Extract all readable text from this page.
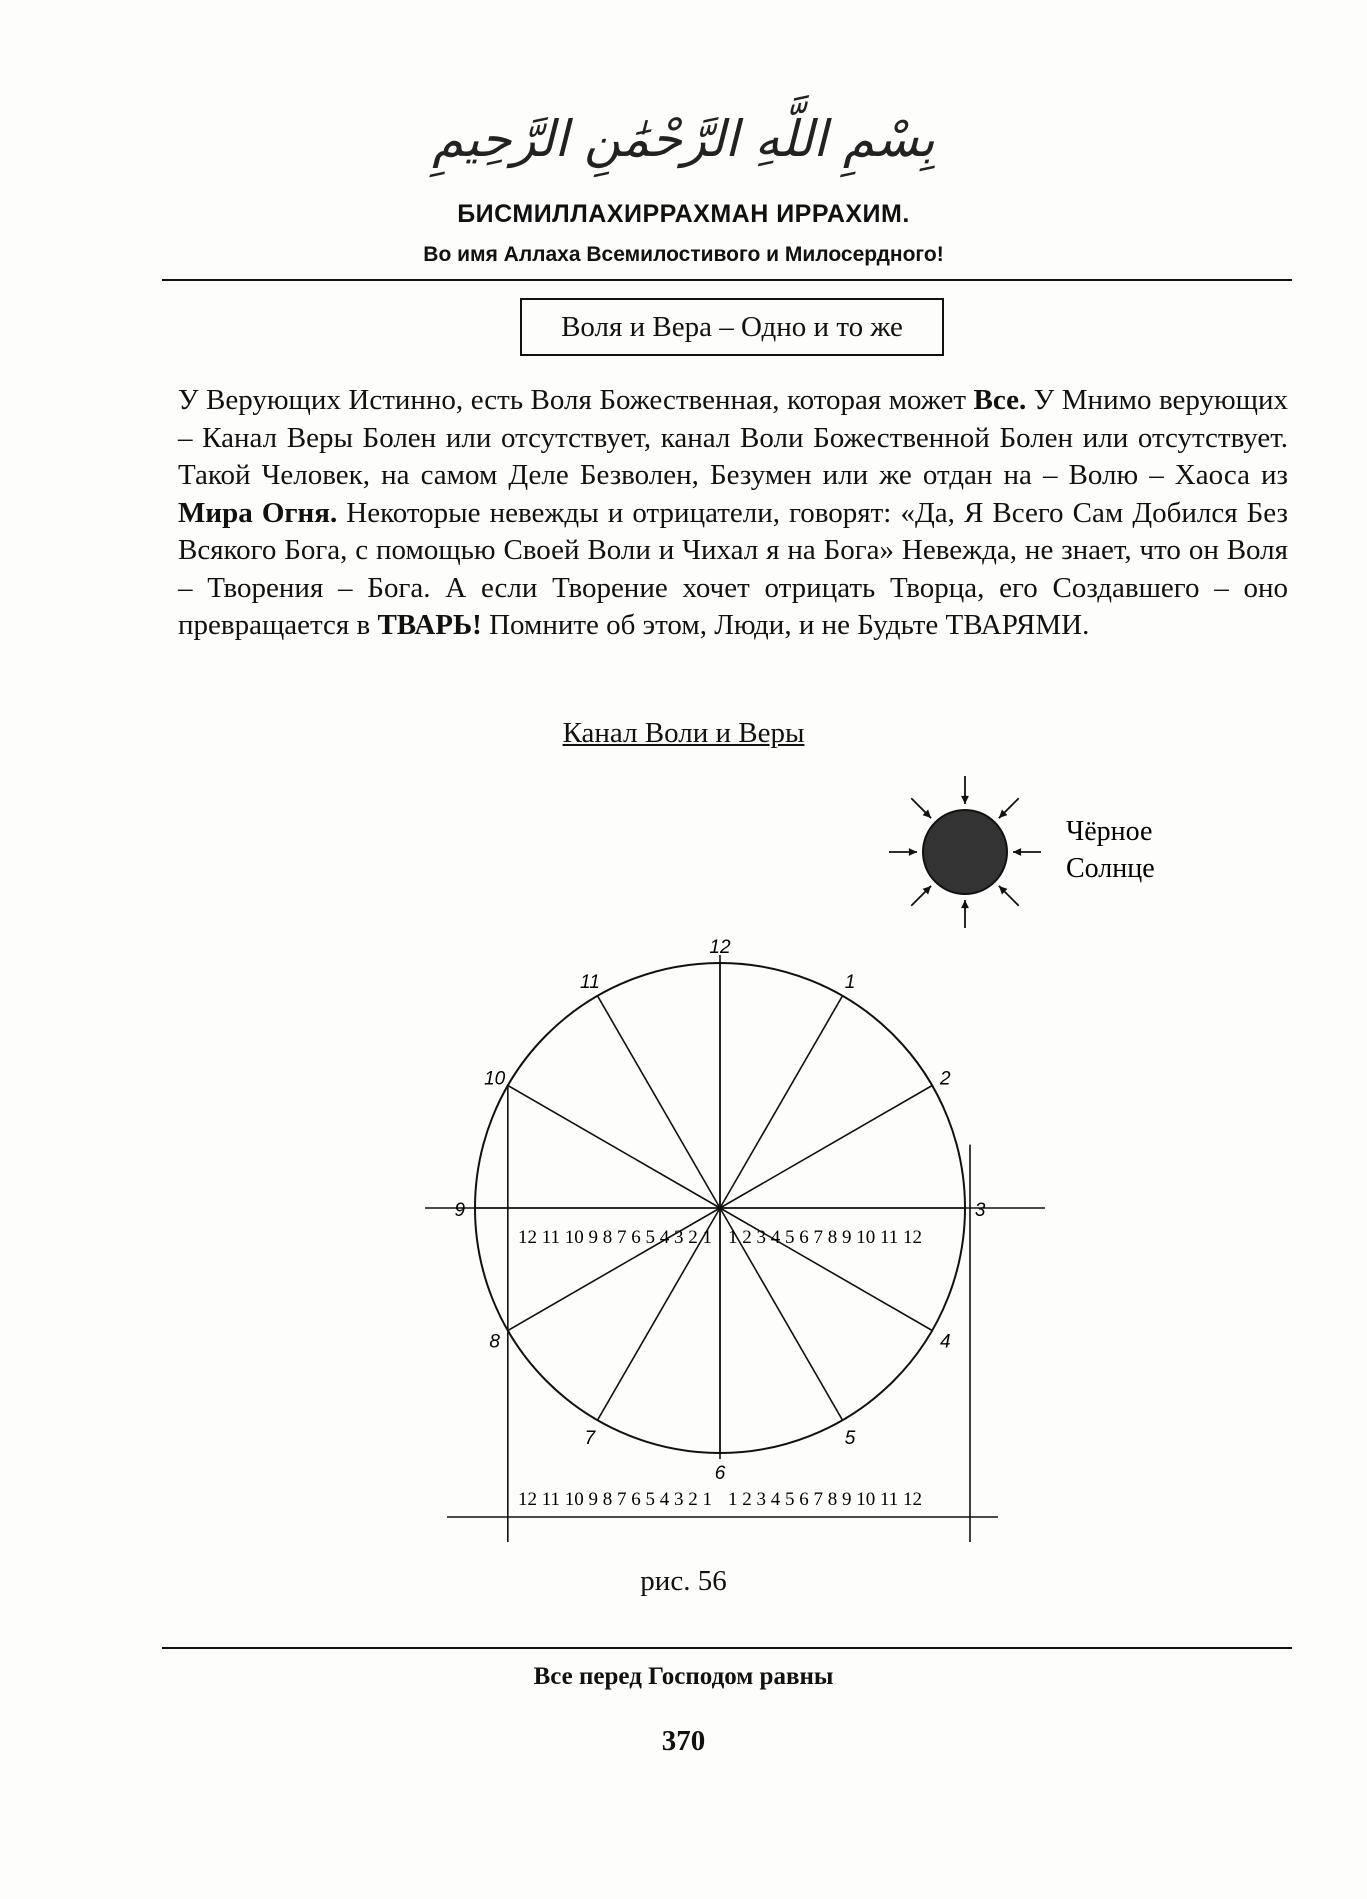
بِسْمِ اللَّهِ الرَّحْمَٰنِ الرَّحِيمِ
БИСМИЛЛАХИРРАХМАН ИРРАХИМ.
Во имя Аллаха Всемилостивого и Милосердного!
Воля и Вера – Одно и то же

У Верующих Истинно, есть Воля Божественная, которая может Все. У Мнимо верующих – Канал Веры Болен или отсутствует, канал Воли Божественной Болен или отсутствует. Такой Человек, на самом Деле Безволен, Безумен или же отдан на – Волю – Хаоса из Мира Огня. Некоторые невежды и отрицатели, говорят: «Да, Я Всего Сам Добился Без Всякого Бога, с помощью Своей Воли и Чихал я на Бога» Невежда, не знает, что он Воля – Творения – Бога. А если Творение хочет отрицать Творца, его Создавшего – оно превращается в ТВАРЬ! Помните об этом, Люди, и не Будьте ТВАРЯМИ.

Канал Воли и Веры
Чёрное
Солнце
12
1
2
3
4
5
6
7
8
9
10
11
12 11 10 9 8 7 6 5 4 3 2 1 1 2 3 4 5 6 7 8 9 10 11 12
12 11 10 9 8 7 6 5 4 3 2 1 1 2 3 4 5 6 7 8 9 10 11 12
рис. 56
Все перед Господом равны
370
